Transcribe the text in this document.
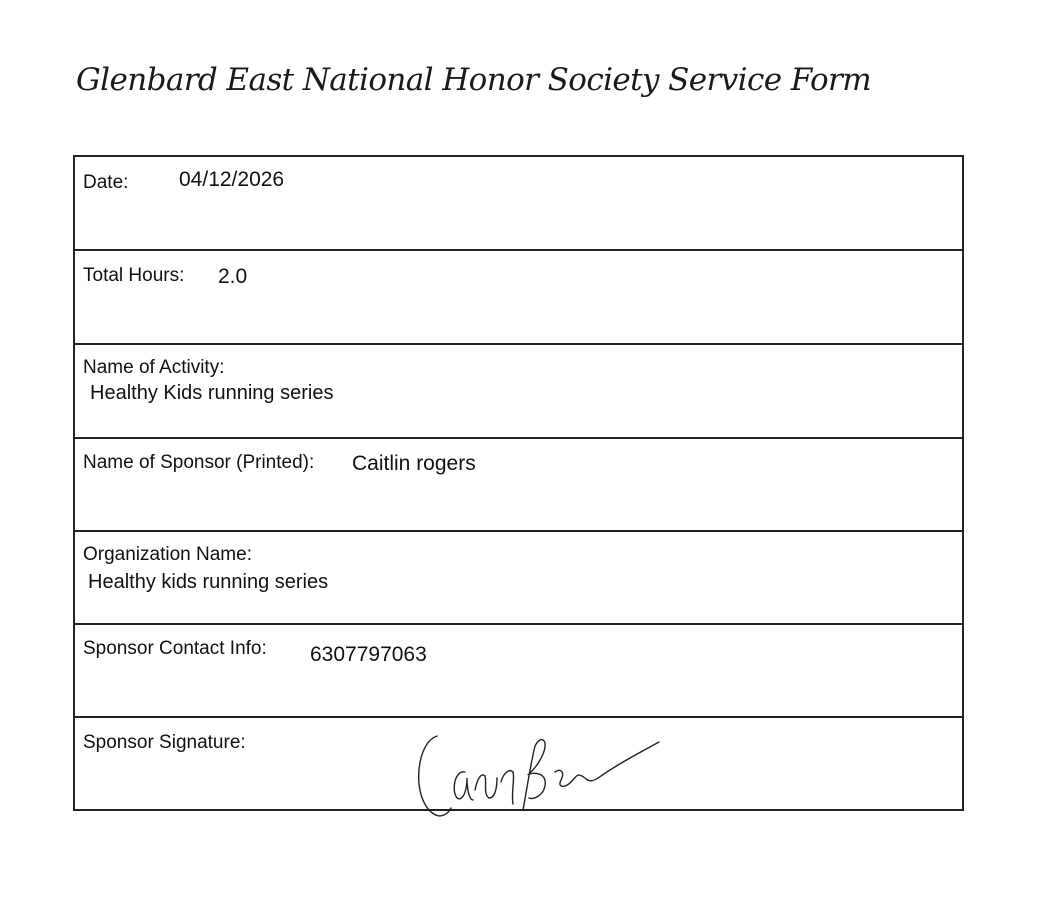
Glenbard East National Honor Society Service Form
Date: 04/12/2026
Total Hours: 2.0
Name of Activity:
Healthy Kids running series
Name of Sponsor (Printed): Caitlin rogers
Organization Name:
Healthy kids running series
Sponsor Contact Info: 6307797063
Sponsor Signature:
